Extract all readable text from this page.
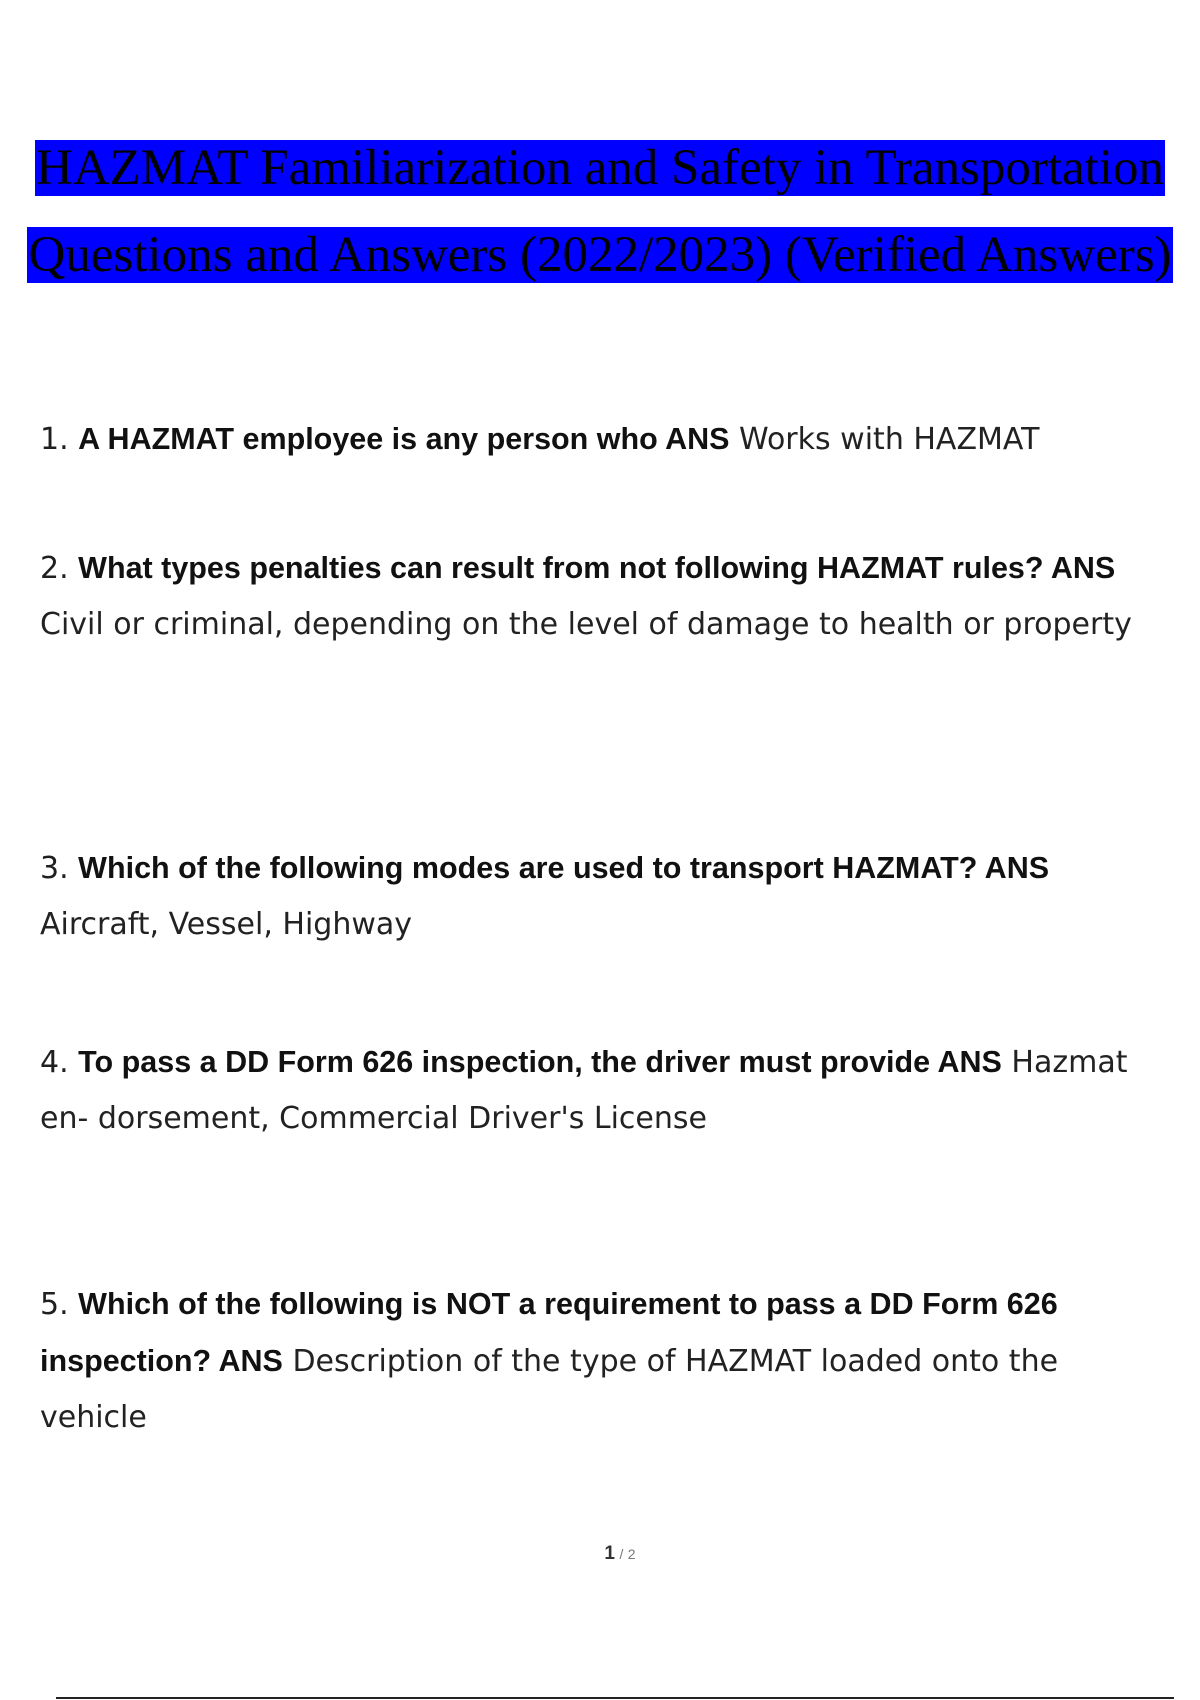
HAZMAT Familiarization and Safety in Transportation
Questions and Answers (2022/2023) (Verified Answers)
1. A HAZMAT employee is any person who ANS Works with HAZMAT
2. What types penalties can result from not following HAZMAT rules? ANS Civil or criminal, depending on the level of damage to health or property
3. Which of the following modes are used to transport HAZMAT? ANS Aircraft, Vessel, Highway
4. To pass a DD Form 626 inspection, the driver must provide ANS Hazmat en- dorsement, Commercial Driver's License
5. Which of the following is NOT a requirement to pass a DD Form 626 inspection? ANS Description of the type of HAZMAT loaded onto the vehicle
1 / 2
